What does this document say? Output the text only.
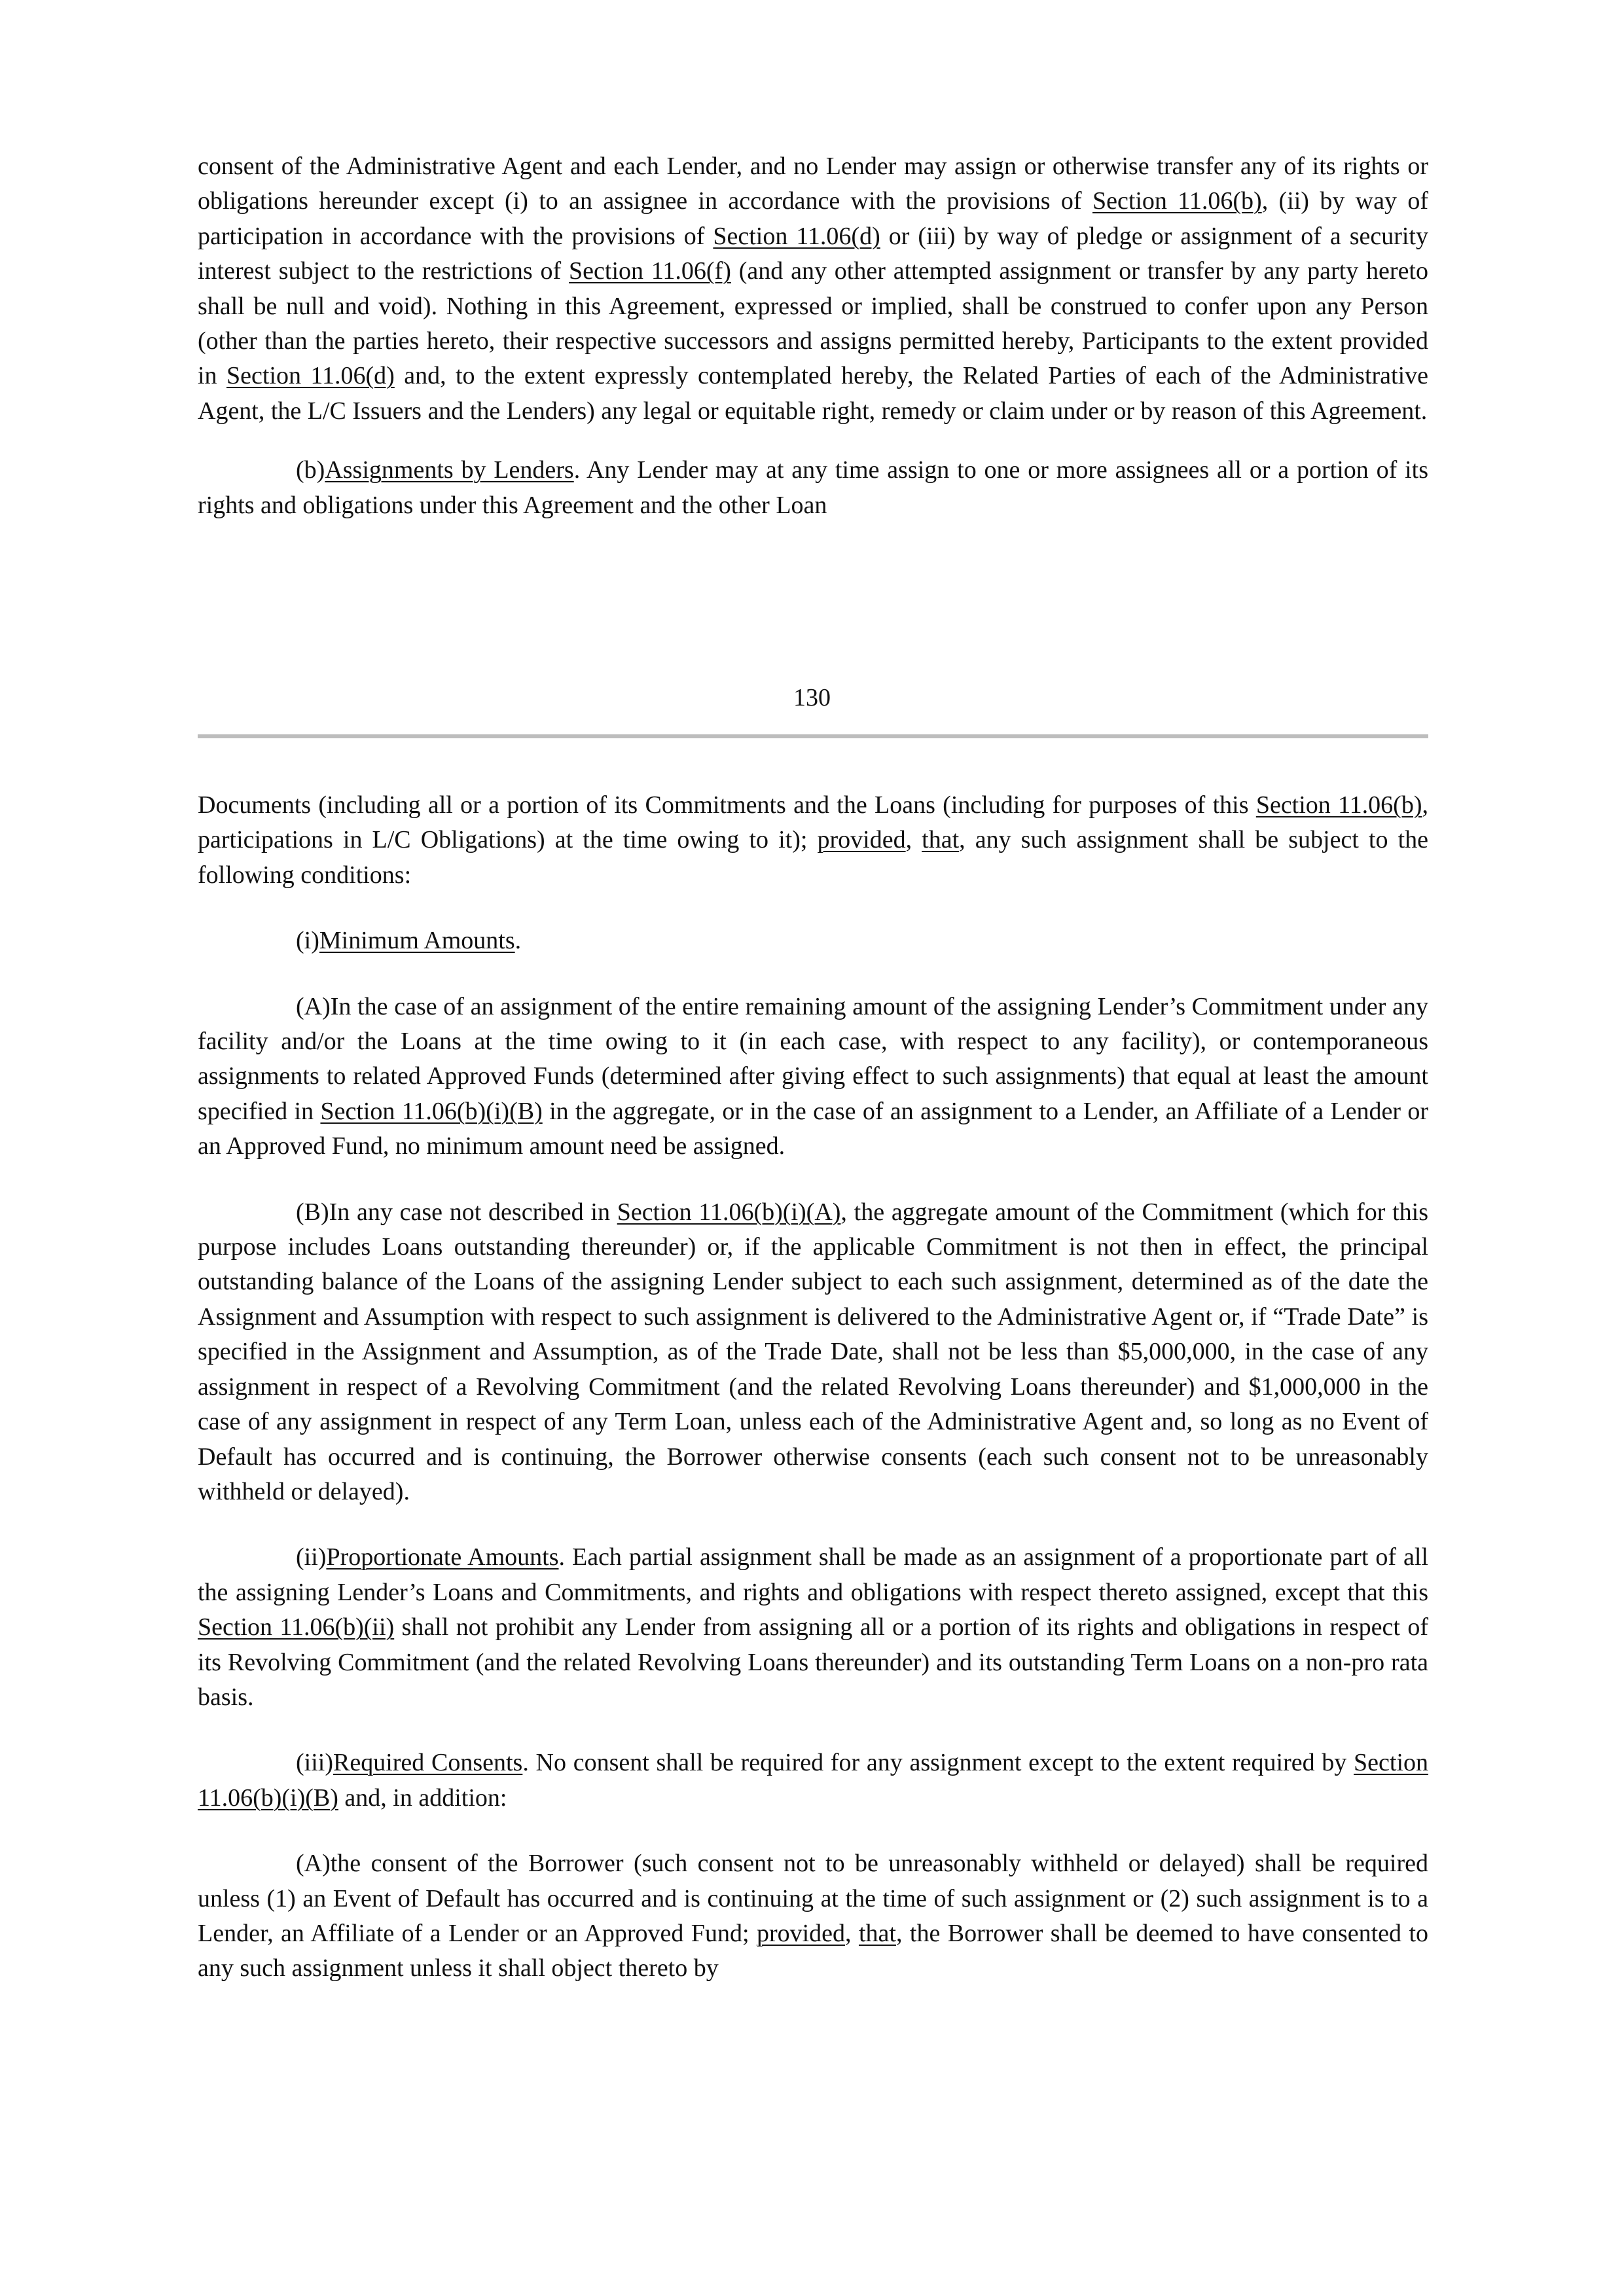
consent of the Administrative Agent and each Lender, and no Lender may assign or otherwise transfer any of its rights or obligations hereunder except (i) to an assignee in accordance with the provisions of Section 11.06(b), (ii) by way of participation in accordance with the provisions of Section 11.06(d) or (iii) by way of pledge or assignment of a security interest subject to the restrictions of Section 11.06(f) (and any other attempted assignment or transfer by any party hereto shall be null and void). Nothing in this Agreement, expressed or implied, shall be construed to confer upon any Person (other than the parties hereto, their respective successors and assigns permitted hereby, Participants to the extent provided in Section 11.06(d) and, to the extent expressly contemplated hereby, the Related Parties of each of the Administrative Agent, the L/C Issuers and the Lenders) any legal or equitable right, remedy or claim under or by reason of this Agreement.

(b)Assignments by Lenders. Any Lender may at any time assign to one or more assignees all or a portion of its rights and obligations under this Agreement and the other Loan

130

Documents (including all or a portion of its Commitments and the Loans (including for purposes of this Section 11.06(b), participations in L/C Obligations) at the time owing to it); provided, that, any such assignment shall be subject to the following conditions:

(i)Minimum Amounts.

(A)In the case of an assignment of the entire remaining amount of the assigning Lender’s Commitment under any facility and/or the Loans at the time owing to it (in each case, with respect to any facility), or contemporaneous assignments to related Approved Funds (determined after giving effect to such assignments) that equal at least the amount specified in Section 11.06(b)(i)(B) in the aggregate, or in the case of an assignment to a Lender, an Affiliate of a Lender or an Approved Fund, no minimum amount need be assigned.

(B)In any case not described in Section 11.06(b)(i)(A), the aggregate amount of the Commitment (which for this purpose includes Loans outstanding thereunder) or, if the applicable Commitment is not then in effect, the principal outstanding balance of the Loans of the assigning Lender subject to each such assignment, determined as of the date the Assignment and Assumption with respect to such assignment is delivered to the Administrative Agent or, if “Trade Date” is specified in the Assignment and Assumption, as of the Trade Date, shall not be less than $5,000,000, in the case of any assignment in respect of a Revolving Commitment (and the related Revolving Loans thereunder) and $1,000,000 in the case of any assignment in respect of any Term Loan, unless each of the Administrative Agent and, so long as no Event of Default has occurred and is continuing, the Borrower otherwise consents (each such consent not to be unreasonably withheld or delayed).

(ii)Proportionate Amounts. Each partial assignment shall be made as an assignment of a proportionate part of all the assigning Lender’s Loans and Commitments, and rights and obligations with respect thereto assigned, except that this Section 11.06(b)(ii) shall not prohibit any Lender from assigning all or a portion of its rights and obligations in respect of its Revolving Commitment (and the related Revolving Loans thereunder) and its outstanding Term Loans on a non-pro rata basis.

(iii)Required Consents. No consent shall be required for any assignment except to the extent required by Section 11.06(b)(i)(B) and, in addition:

(A)the consent of the Borrower (such consent not to be unreasonably withheld or delayed) shall be required unless (1) an Event of Default has occurred and is continuing at the time of such assignment or (2) such assignment is to a Lender, an Affiliate of a Lender or an Approved Fund; provided, that, the Borrower shall be deemed to have consented to any such assignment unless it shall object thereto by
